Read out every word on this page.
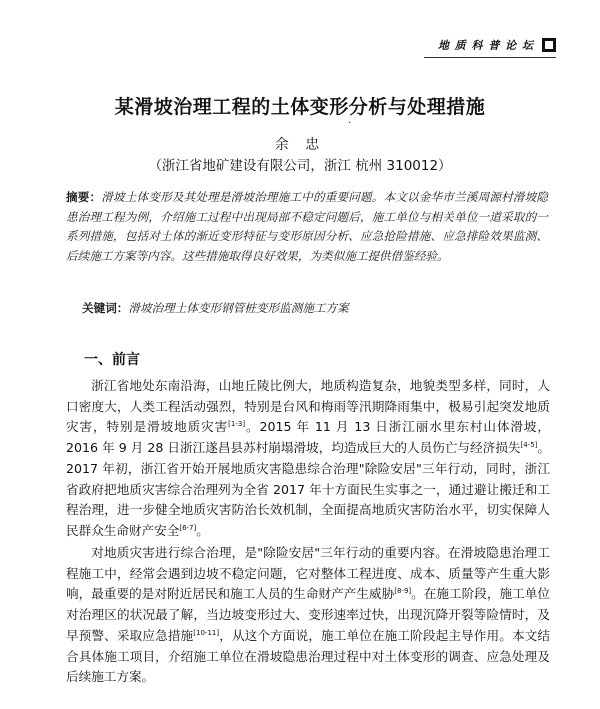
地 质 科 普 论 坛
某滑坡治理工程的土体变形分析与处理措施
·
余 忠
（浙江省地矿建设有限公司，浙江 杭州 310012）
摘要：滑坡土体变形及其处理是滑坡治理施工中的重要问题。本文以金华市兰溪周源村滑坡隐患治理工程为例，介绍施工过程中出现局部不稳定问题后，施工单位与相关单位一道采取的一系列措施，包括对土体的渐近变形特征与变形原因分析、应急抢险措施、应急排险效果监测、后续施工方案等内容。这些措施取得良好效果，为类似施工提供借鉴经验。
关键词：滑坡治理土体变形钢管桩变形监测施工方案
一、前言

浙江省地处东南沿海，山地丘陵比例大，地质构造复杂，地貌类型多样，同时，人口密度大，人类工程活动强烈，特别是台风和梅雨等汛期降雨集中，极易引起突发地质灾害，特别是滑坡地质灾害[1-3]。2015 年 11 月 13 日浙江丽水里东村山体滑坡，2016 年 9 月 28 日浙江遂昌县苏村崩塌滑坡，均造成巨大的人员伤亡与经济损失[4-5]。2017 年初，浙江省开始开展地质灾害隐患综合治理"除险安居"三年行动，同时，浙江省政府把地质灾害综合治理列为全省 2017 年十方面民生实事之一，通过避让搬迁和工程治理，进一步健全地质灾害防治长效机制，全面提高地质灾害防治水平，切实保障人民群众生命财产安全[6-7]。

对地质灾害进行综合治理，是"除险安居"三年行动的重要内容。在滑坡隐患治理工程施工中，经常会遇到边坡不稳定问题，它对整体工程进度、成本、质量等产生重大影响，最重要的是对附近居民和施工人员的生命财产产生威胁[8-9]。在施工阶段，施工单位对治理区的状况最了解，当边坡变形过大、变形速率过快，出现沉降开裂等险情时，及早预警、采取应急措施[10-11]，从这个方面说，施工单位在施工阶段起主导作用。本文结合具体施工项目，介绍施工单位在滑坡隐患治理过程中对土体变形的调查、应急处理及后续施工方案。
